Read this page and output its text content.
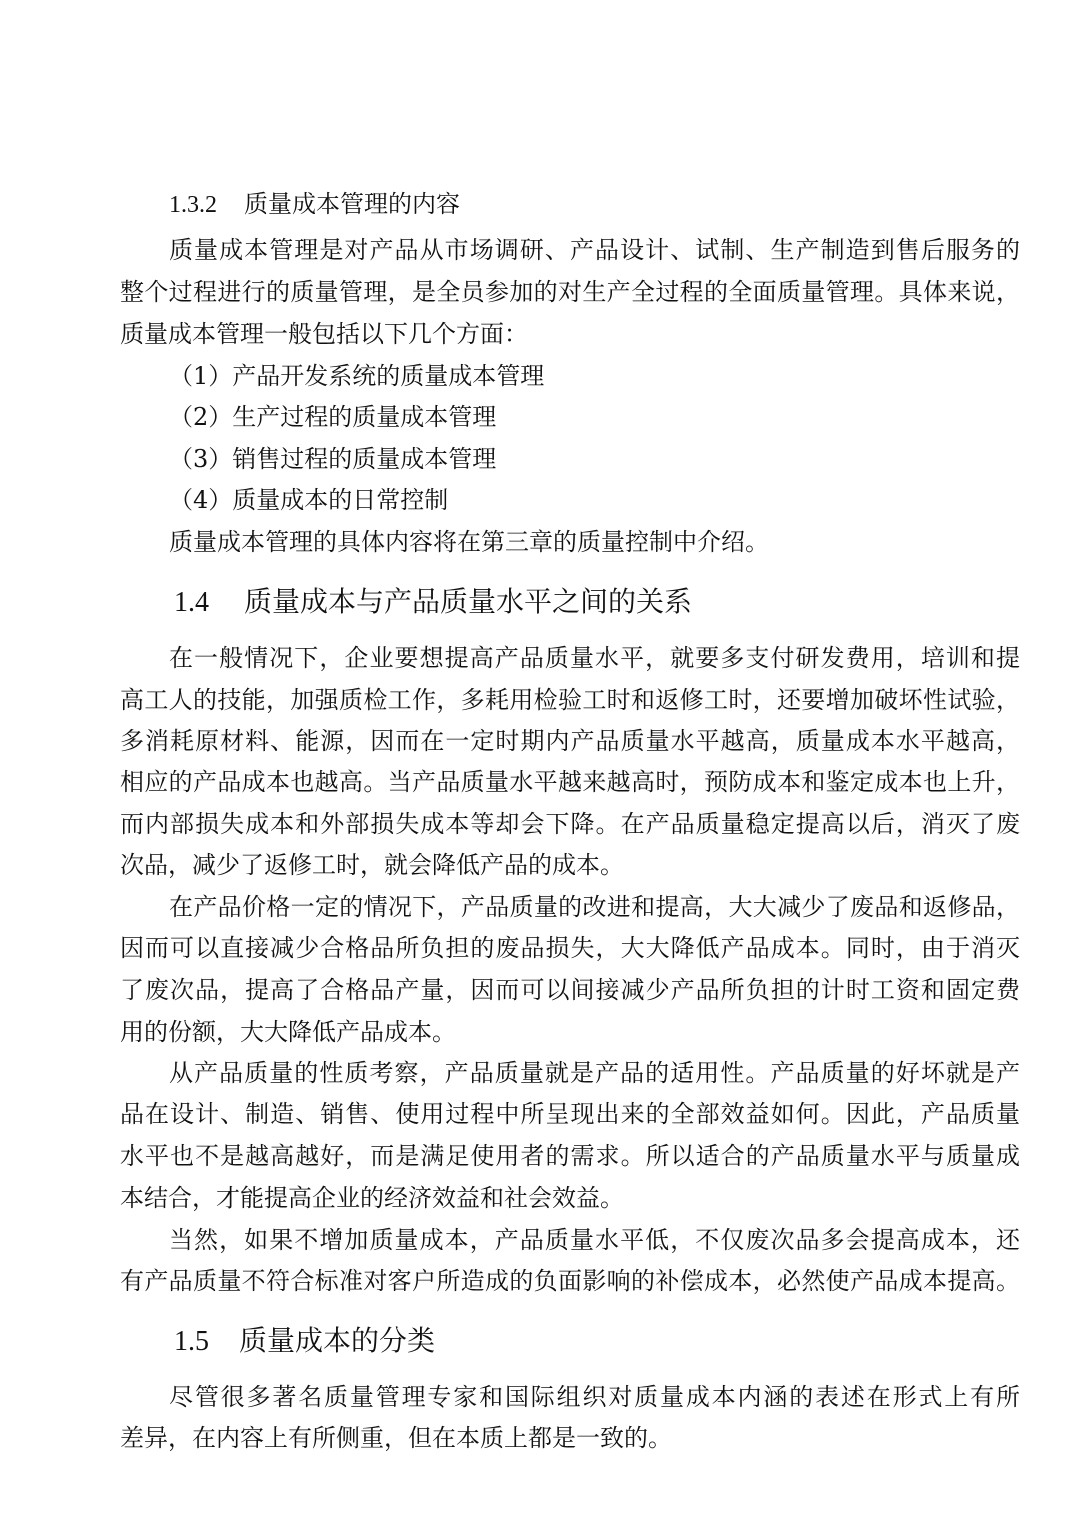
1.3.2 质量成本管理的内容
质量成本管理是对产品从市场调研、产品设计、试制、生产制造到售后服务的
整个过程进行的质量管理，是全员参加的对生产全过程的全面质量管理。具体来说，
质量成本管理一般包括以下几个方面：
（1）产品开发系统的质量成本管理
（2）生产过程的质量成本管理
（3）销售过程的质量成本管理
（4）质量成本的日常控制
质量成本管理的具体内容将在第三章的质量控制中介绍。
1.4 质量成本与产品质量水平之间的关系
在一般情况下，企业要想提高产品质量水平，就要多支付研发费用，培训和提
高工人的技能，加强质检工作，多耗用检验工时和返修工时，还要增加破坏性试验，
多消耗原材料、能源，因而在一定时期内产品质量水平越高，质量成本水平越高，
相应的产品成本也越高。当产品质量水平越来越高时，预防成本和鉴定成本也上升，
而内部损失成本和外部损失成本等却会下降。在产品质量稳定提高以后，消灭了废
次品，减少了返修工时，就会降低产品的成本。
在产品价格一定的情况下，产品质量的改进和提高，大大减少了废品和返修品，
因而可以直接减少合格品所负担的废品损失，大大降低产品成本。同时，由于消灭
了废次品，提高了合格品产量，因而可以间接减少产品所负担的计时工资和固定费
用的份额，大大降低产品成本。
从产品质量的性质考察，产品质量就是产品的适用性。产品质量的好坏就是产
品在设计、制造、销售、使用过程中所呈现出来的全部效益如何。因此，产品质量
水平也不是越高越好，而是满足使用者的需求。所以适合的产品质量水平与质量成
本结合，才能提高企业的经济效益和社会效益。
当然，如果不增加质量成本，产品质量水平低，不仅废次品多会提高成本，还
有产品质量不符合标准对客户所造成的负面影响的补偿成本，必然使产品成本提高。
1.5 质量成本的分类
尽管很多著名质量管理专家和国际组织对质量成本内涵的表述在形式上有所
差异，在内容上有所侧重，但在本质上都是一致的。
